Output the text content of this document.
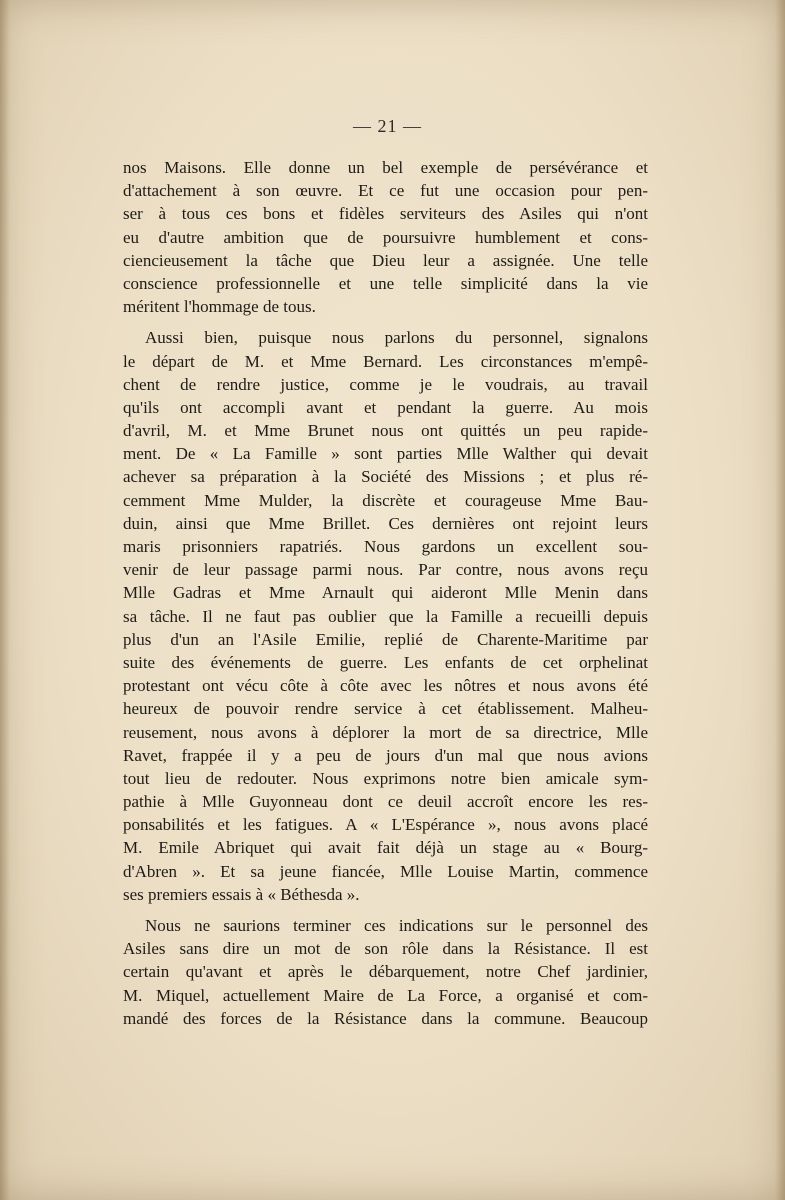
— 21 —
nos Maisons. Elle donne un bel exemple de persévérance et
d'attachement à son œuvre. Et ce fut une occasion pour pen-
ser à tous ces bons et fidèles serviteurs des Asiles qui n'ont
eu d'autre ambition que de poursuivre humblement et cons-
ciencieusement la tâche que Dieu leur a assignée. Une telle
conscience professionnelle et une telle simplicité dans la vie
méritent l'hommage de tous.
Aussi bien, puisque nous parlons du personnel, signalons
le départ de M. et Mme Bernard. Les circonstances m'empê-
chent de rendre justice, comme je le voudrais, au travail
qu'ils ont accompli avant et pendant la guerre. Au mois
d'avril, M. et Mme Brunet nous ont quittés un peu rapide-
ment. De « La Famille » sont parties Mlle Walther qui devait
achever sa préparation à la Société des Missions ; et plus ré-
cemment Mme Mulder, la discrète et courageuse Mme Bau-
duin, ainsi que Mme Brillet. Ces dernières ont rejoint leurs
maris prisonniers rapatriés. Nous gardons un excellent sou-
venir de leur passage parmi nous. Par contre, nous avons reçu
Mlle Gadras et Mme Arnault qui aideront Mlle Menin dans
sa tâche. Il ne faut pas oublier que la Famille a recueilli depuis
plus d'un an l'Asile Emilie, replié de Charente-Maritime par
suite des événements de guerre. Les enfants de cet orphelinat
protestant ont vécu côte à côte avec les nôtres et nous avons été
heureux de pouvoir rendre service à cet établissement. Malheu-
reusement, nous avons à déplorer la mort de sa directrice, Mlle
Ravet, frappée il y a peu de jours d'un mal que nous avions
tout lieu de redouter. Nous exprimons notre bien amicale sym-
pathie à Mlle Guyonneau dont ce deuil accroît encore les res-
ponsabilités et les fatigues. A « L'Espérance », nous avons placé
M. Emile Abriquet qui avait fait déjà un stage au « Bourg-
d'Abren ». Et sa jeune fiancée, Mlle Louise Martin, commence
ses premiers essais à « Béthesda ».
Nous ne saurions terminer ces indications sur le personnel des
Asiles sans dire un mot de son rôle dans la Résistance. Il est
certain qu'avant et après le débarquement, notre Chef jardinier,
M. Miquel, actuellement Maire de La Force, a organisé et com-
mandé des forces de la Résistance dans la commune. Beaucoup
